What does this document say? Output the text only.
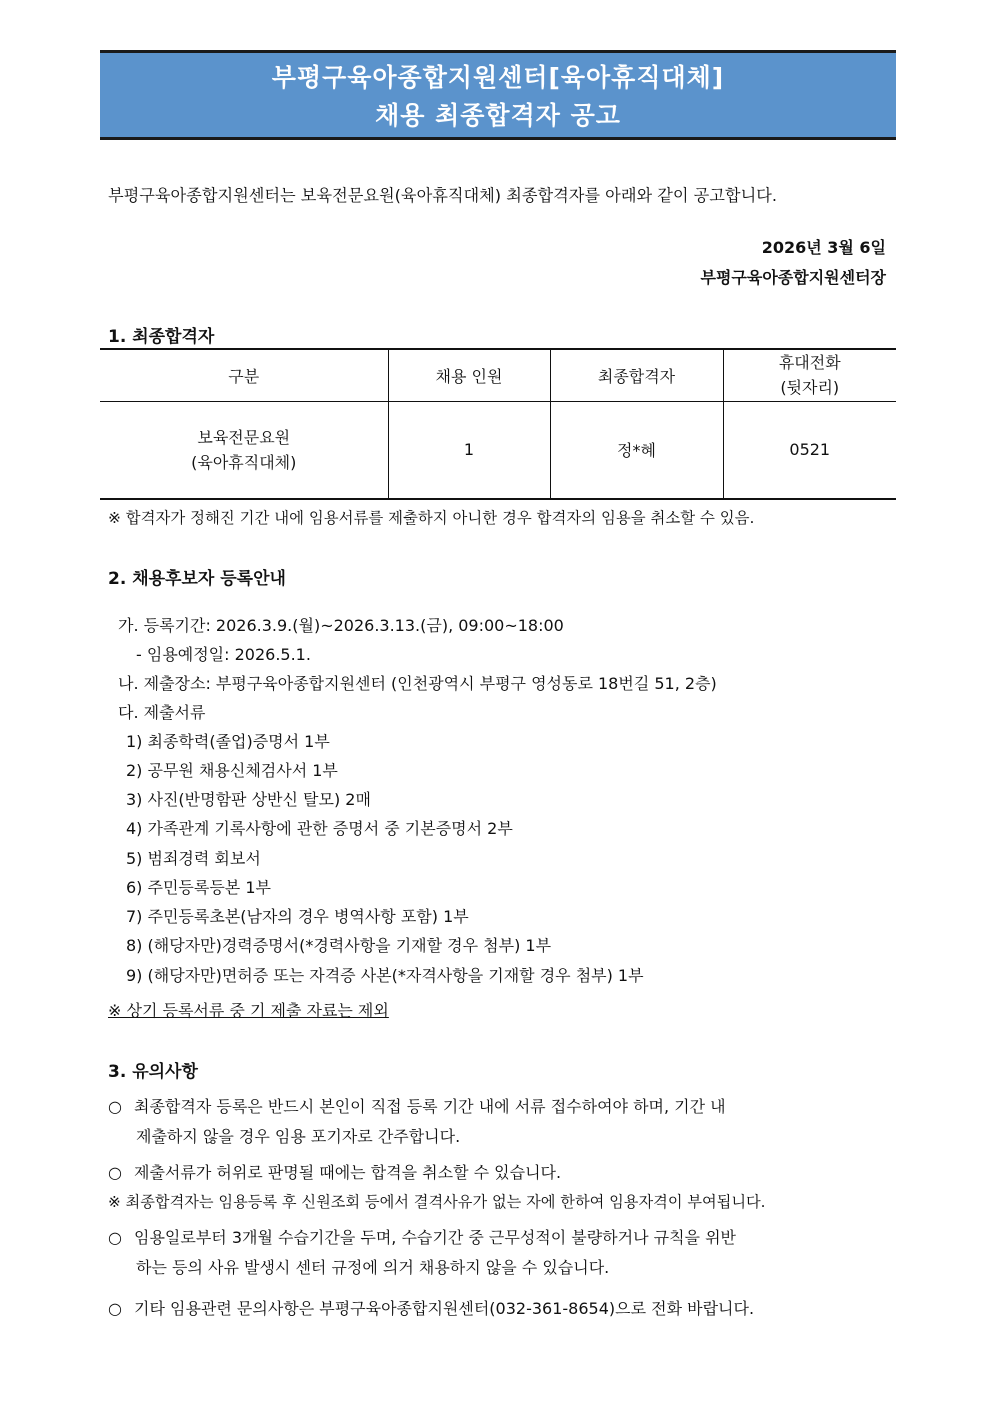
부평구육아종합지원센터[육아휴직대체]
채용 최종합격자 공고
부평구육아종합지원센터는 보육전문요원(육아휴직대체) 최종합격자를 아래와 같이 공고합니다.
2026년 3월 6일
부평구육아종합지원센터장
1. 최종합격자
구분	채용 인원	최종합격자	휴대전화
(뒷자리)

보육전문요원
(육아휴직대체)	1	정*혜	0521
※ 합격자가 정해진 기간 내에 임용서류를 제출하지 아니한 경우 합격자의 임용을 취소할 수 있음.
2. 채용후보자 등록안내
가. 등록기간: 2026.3.9.(월)~2026.3.13.(금), 09:00~18:00
- 임용예정일: 2026.5.1.
나. 제출장소: 부평구육아종합지원센터 (인천광역시 부평구 영성동로 18번길 51, 2층)
다. 제출서류
1) 최종학력(졸업)증명서 1부
2) 공무원 채용신체검사서 1부
3) 사진(반명함판 상반신 탈모) 2매
4) 가족관계 기록사항에 관한 증명서 중 기본증명서 2부
5) 범죄경력 회보서
6) 주민등록등본 1부
7) 주민등록초본(남자의 경우 병역사항 포함) 1부
8) (해당자만)경력증명서(*경력사항을 기재할 경우 첨부) 1부
9) (해당자만)면허증 또는 자격증 사본(*자격사항을 기재할 경우 첨부) 1부
※ 상기 등록서류 중 기 제출 자료는 제외
3. 유의사항
○ 최종합격자 등록은 반드시 본인이 직접 등록 기간 내에 서류 접수하여야 하며, 기간 내
제출하지 않을 경우 임용 포기자로 간주합니다.
○ 제출서류가 허위로 판명될 때에는 합격을 취소할 수 있습니다.
※ 최종합격자는 임용등록 후 신원조회 등에서 결격사유가 없는 자에 한하여 임용자격이 부여됩니다.
○ 임용일로부터 3개월 수습기간을 두며, 수습기간 중 근무성적이 불량하거나 규칙을 위반
하는 등의 사유 발생시 센터 규정에 의거 채용하지 않을 수 있습니다.
○ 기타 임용관련 문의사항은 부평구육아종합지원센터(032-361-8654)으로 전화 바랍니다.
